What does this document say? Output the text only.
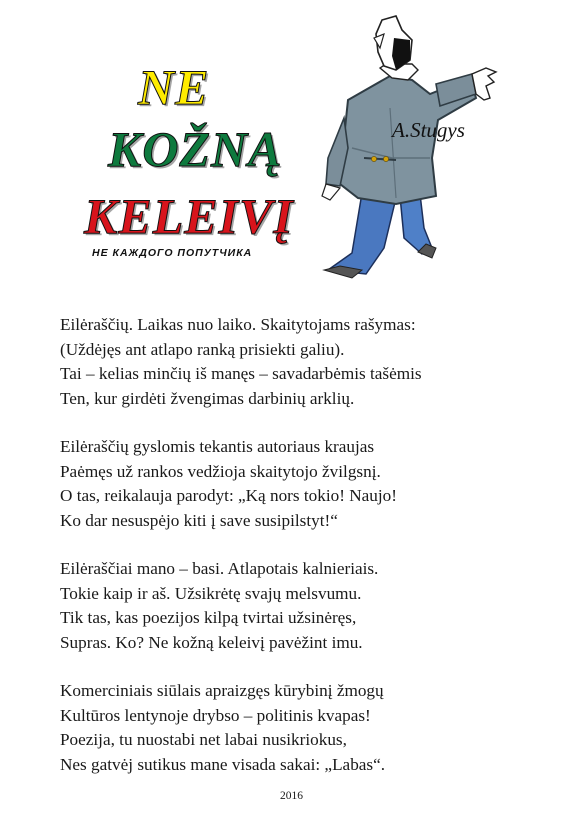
NE
KOŽNĄ
KELEIVĮ
НЕ КАЖДОГО ПОПУТЧИКА
A.Stugys
Eilėraščių. Laikas nuo laiko. Skaitytojams rašymas:
(Uždėjęs ant atlapo ranką prisiekti galiu).
Tai – kelias minčių iš manęs – savadarbėmis tašėmis
Ten, kur girdėti žvengimas darbinių arklių.
Eilėraščių gyslomis tekantis autoriaus kraujas
Paėmęs už rankos vedžioja skaitytojo žvilgsnį.
O tas, reikalauja parodyt: „Ką nors tokio! Naujo!
Ko dar nesuspėjo kiti į save susipilstyt!“
Eilėraščiai mano – basi. Atlapotais kalnieriais.
Tokie kaip ir aš. Užsikrėtę svajų melsvumu.
Tik tas, kas poezijos kilpą tvirtai užsinėręs,
Supras. Ko? Ne kožną keleivį pavėžint imu.
Komerciniais siūlais apraizgęs kūrybinį žmogų
Kultūros lentynoje drybso – politinis kvapas!
Poezija, tu nuostabi net labai nusikriokus,
Nes gatvėj sutikus mane visada sakai: „Labas“.
2016
